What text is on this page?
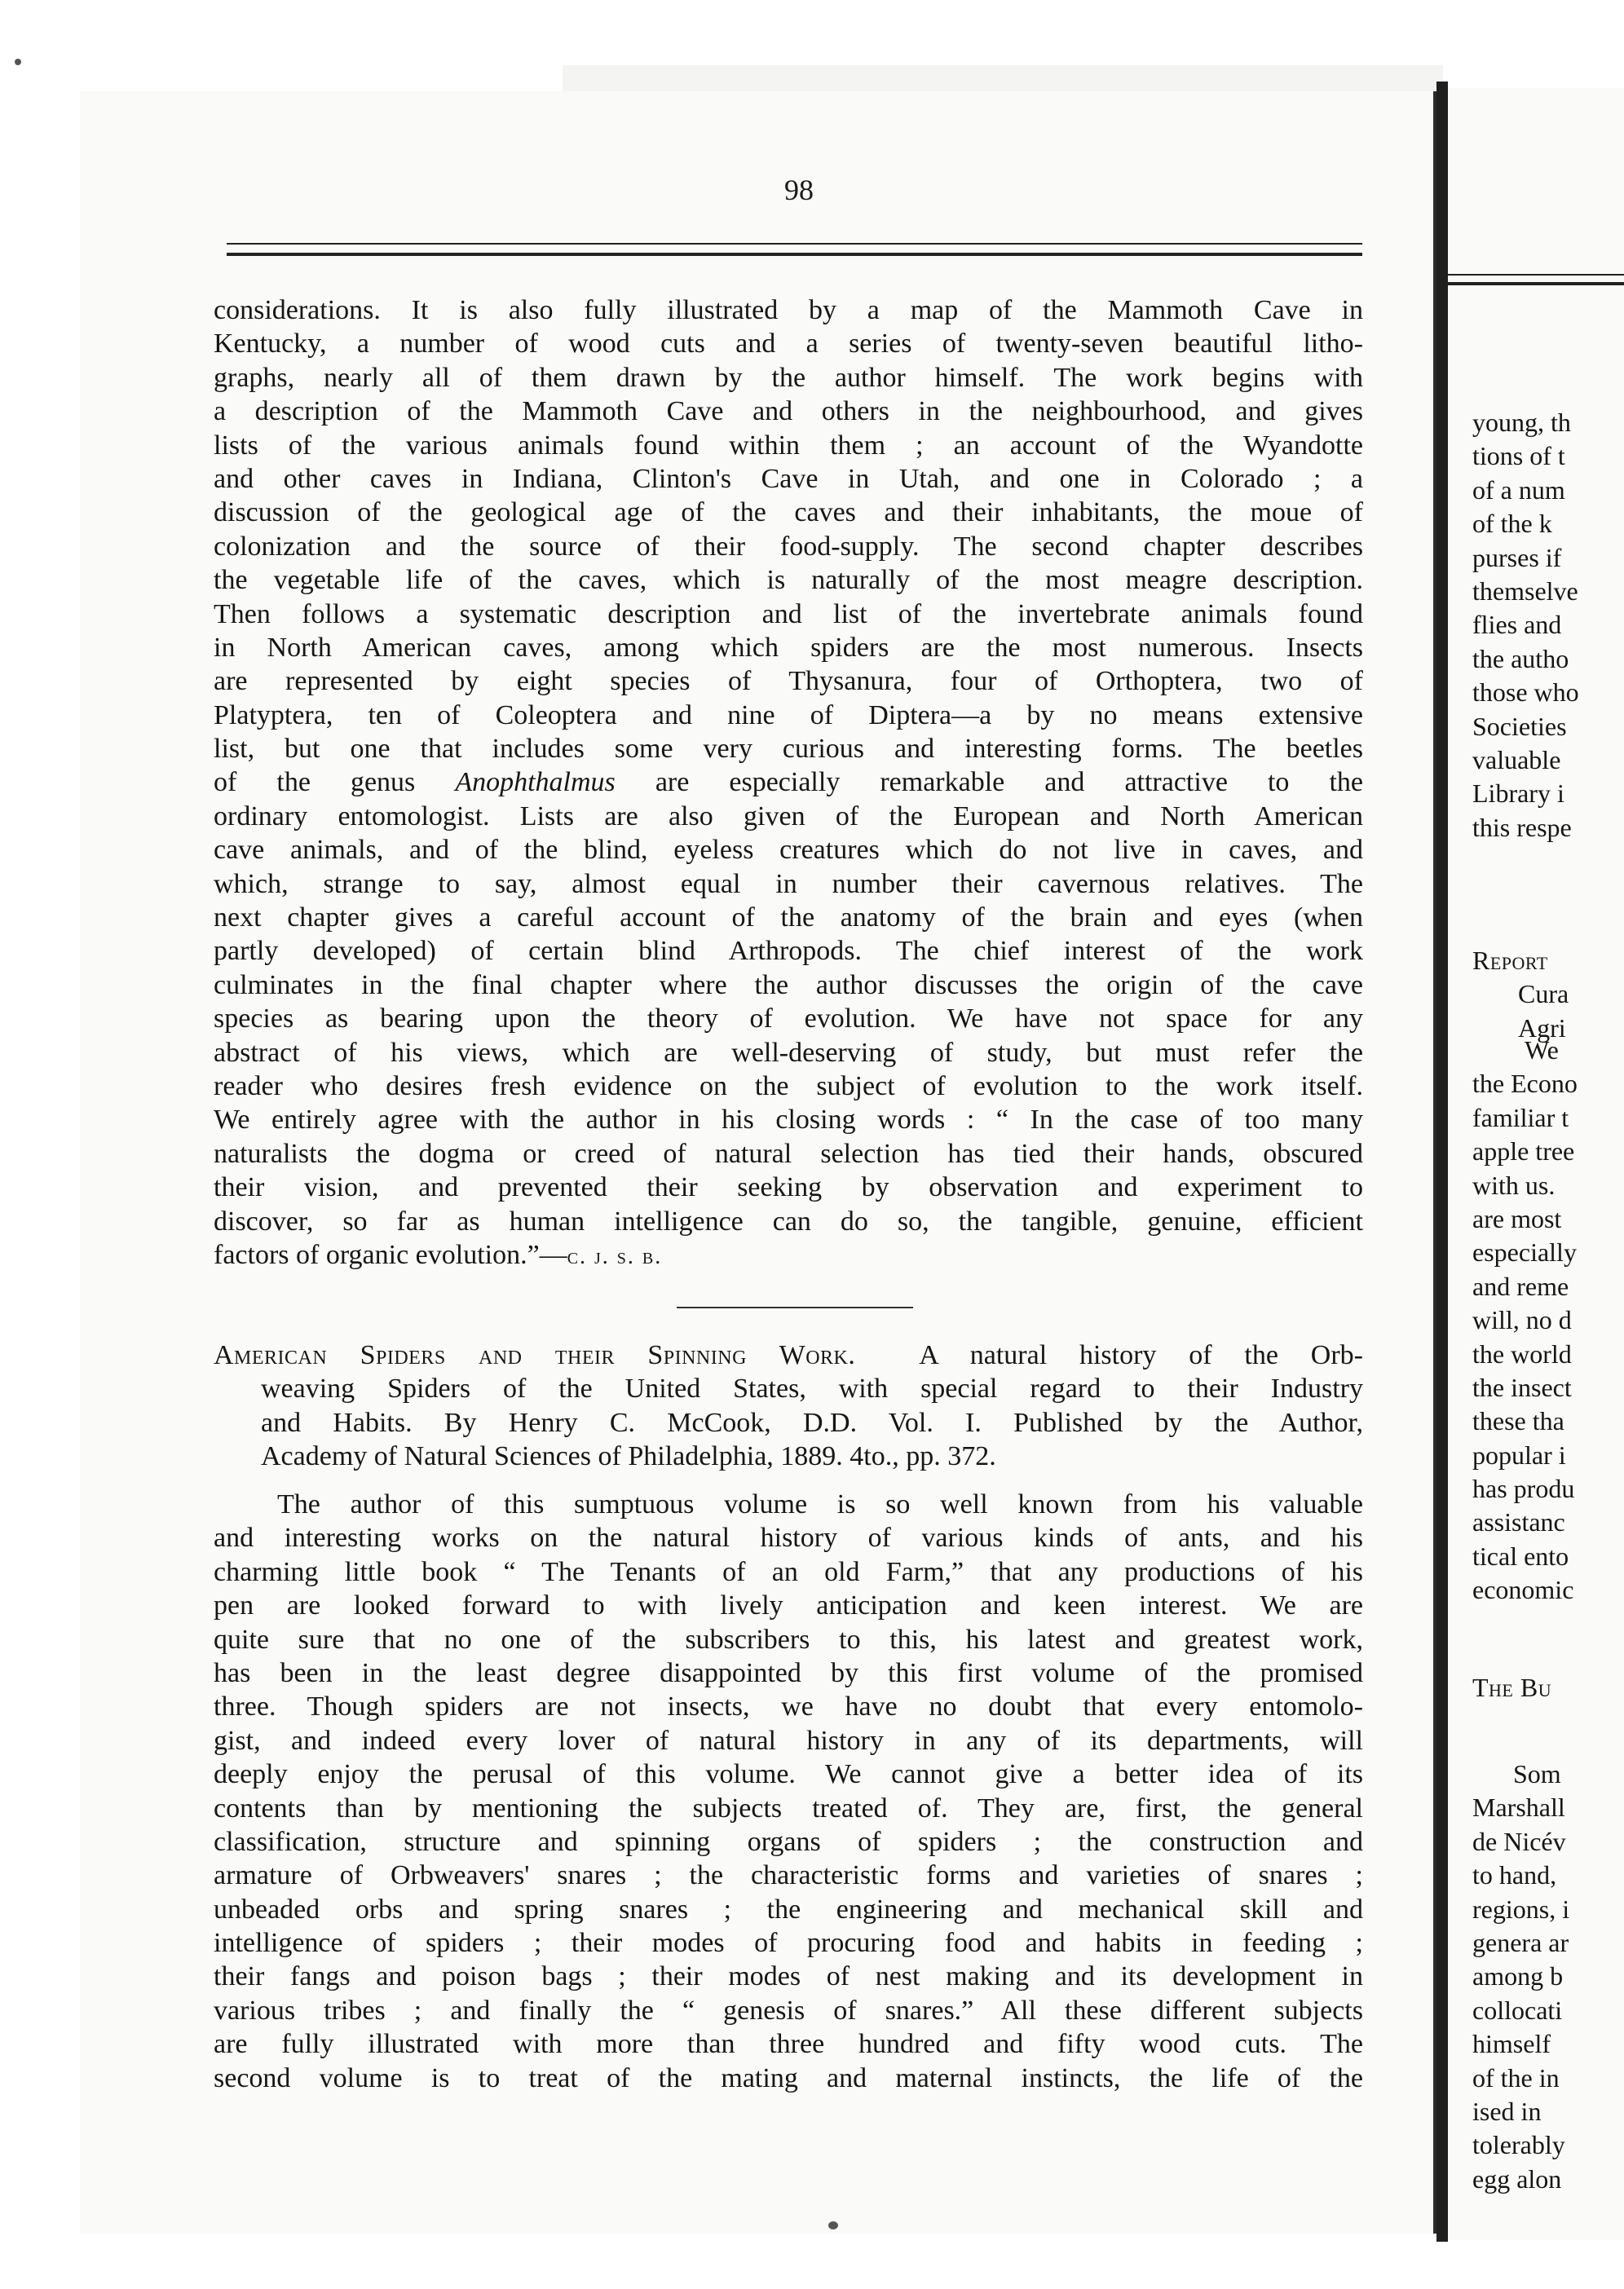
98
considerations. It is also fully illustrated by a map of the Mammoth Cave in
Kentucky, a number of wood cuts and a series of twenty-seven beautiful litho-
graphs, nearly all of them drawn by the author himself. The work begins with
a description of the Mammoth Cave and others in the neighbourhood, and gives
lists of the various animals found within them ; an account of the Wyandotte
and other caves in Indiana, Clinton's Cave in Utah, and one in Colorado ; a
discussion of the geological age of the caves and their inhabitants, the moue of
colonization and the source of their food-supply. The second chapter describes
the vegetable life of the caves, which is naturally of the most meagre description.
Then follows a systematic description and list of the invertebrate animals found
in North American caves, among which spiders are the most numerous. Insects
are represented by eight species of Thysanura, four of Orthoptera, two of
Platyptera, ten of Coleoptera and nine of Diptera—a by no means extensive
list, but one that includes some very curious and interesting forms. The beetles
of the genus Anophthalmus are especially remarkable and attractive to the
ordinary entomologist. Lists are also given of the European and North American
cave animals, and of the blind, eyeless creatures which do not live in caves, and
which, strange to say, almost equal in number their cavernous relatives. The
next chapter gives a careful account of the anatomy of the brain and eyes (when
partly developed) of certain blind Arthropods. The chief interest of the work
culminates in the final chapter where the author discusses the origin of the cave
species as bearing upon the theory of evolution. We have not space for any
abstract of his views, which are well-deserving of study, but must refer the
reader who desires fresh evidence on the subject of evolution to the work itself.
We entirely agree with the author in his closing words : “ In the case of too many
naturalists the dogma or creed of natural selection has tied their hands, obscured
their vision, and prevented their seeking by observation and experiment to
discover, so far as human intelligence can do so, the tangible, genuine, efficient
factors of organic evolution.”—c. j. s. b.
American Spiders and their Spinning Work. A natural history of the Orb-
weaving Spiders of the United States, with special regard to their Industry
and Habits. By Henry C. McCook, D.D. Vol. I. Published by the Author,
Academy of Natural Sciences of Philadelphia, 1889. 4to., pp. 372.
The author of this sumptuous volume is so well known from his valuable
and interesting works on the natural history of various kinds of ants, and his
charming little book “ The Tenants of an old Farm,” that any productions of his
pen are looked forward to with lively anticipation and keen interest. We are
quite sure that no one of the subscribers to this, his latest and greatest work,
has been in the least degree disappointed by this first volume of the promised
three. Though spiders are not insects, we have no doubt that every entomolo-
gist, and indeed every lover of natural history in any of its departments, will
deeply enjoy the perusal of this volume. We cannot give a better idea of its
contents than by mentioning the subjects treated of. They are, first, the general
classification, structure and spinning organs of spiders ; the construction and
armature of Orbweavers' snares ; the characteristic forms and varieties of snares ;
unbeaded orbs and spring snares ; the engineering and mechanical skill and
intelligence of spiders ; their modes of procuring food and habits in feeding ;
their fangs and poison bags ; their modes of nest making and its development in
various tribes ; and finally the “ genesis of snares.” All these different subjects
are fully illustrated with more than three hundred and fifty wood cuts. The
second volume is to treat of the mating and maternal instincts, the life of the
young, th
tions of t
of a num
of the k
purses if
themselve
flies and
the autho
those who
Societies
valuable
Library i
this respe
Report
Cura
Agri
We
the Econo
familiar t
apple tree
with us.
are most
especially
and reme
will, no d
the world
the insect
these tha
popular i
has produ
assistanc
tical ento
economic
The Bu
Som
Marshall
de Nicév
to hand,
regions, i
genera ar
among b
collocati
himself
of the in
ised in
tolerably
egg alon
